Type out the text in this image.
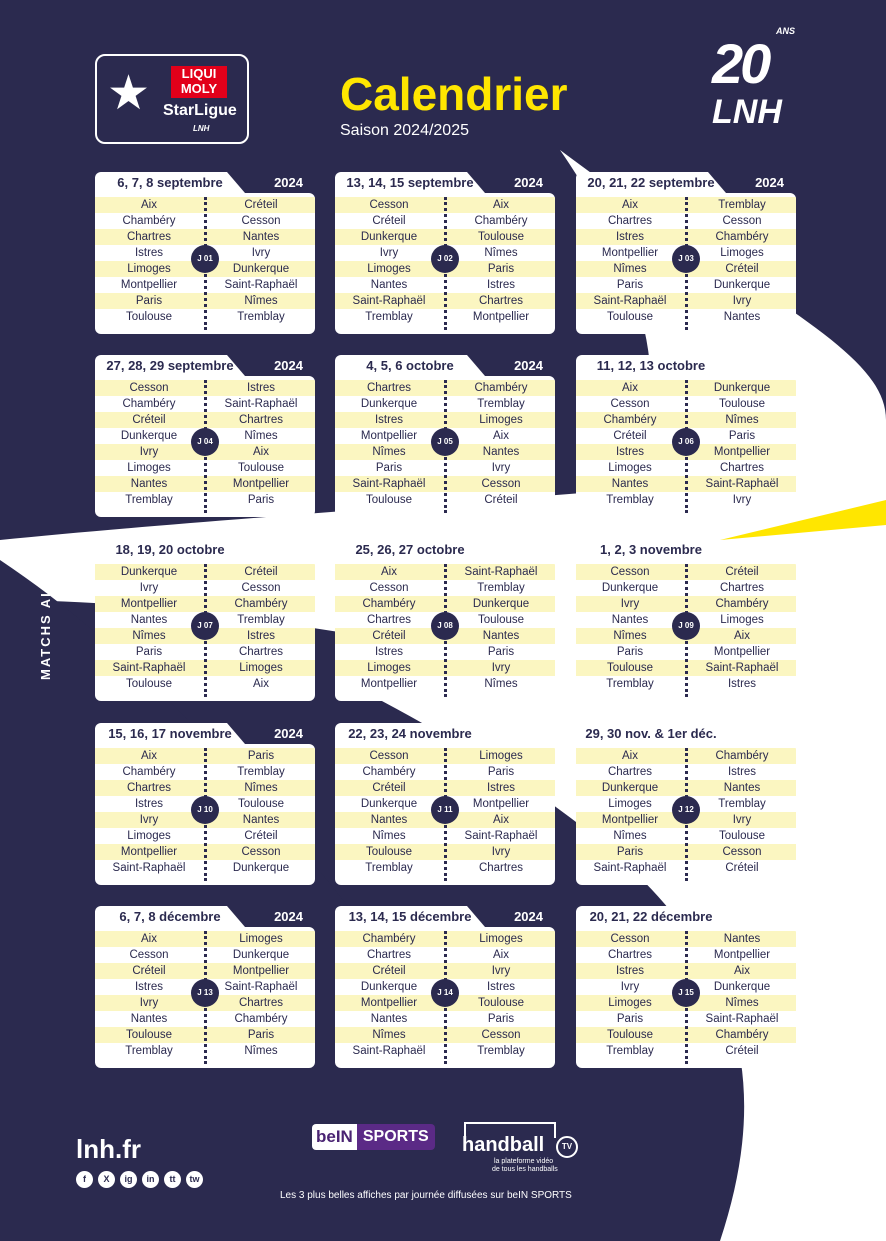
LIQUI
MOLY
★ StarLigue
LNH
Calendrier
Saison 2024/2025
20
ANS
LNH
MATCHS ALLER
6, 7, 8 septembre	2024
Aix	Créteil
Chambéry	Cesson
Chartres	Nantes
Istres	Ivry
Limoges	Dunkerque
Montpellier	Saint-Raphaël
Paris	Nîmes
Toulouse	Tremblay
J 01
13, 14, 15 septembre	2024
Cesson	Aix
Créteil	Chambéry
Dunkerque	Toulouse
Ivry	Nîmes
Limoges	Paris
Nantes	Istres
Saint-Raphaël	Chartres
Tremblay	Montpellier
J 02
20, 21, 22 septembre	2024
Aix	Tremblay
Chartres	Cesson
Istres	Chambéry
Montpellier	Limoges
Nîmes	Créteil
Paris	Dunkerque
Saint-Raphaël	Ivry
Toulouse	Nantes
J 03
27, 28, 29 septembre	2024
Cesson	Istres
Chambéry	Saint-Raphaël
Créteil	Chartres
Dunkerque	Nîmes
Ivry	Aix
Limoges	Toulouse
Nantes	Montpellier
Tremblay	Paris
J 04
4, 5, 6 octobre	2024
Chartres	Chambéry
Dunkerque	Tremblay
Istres	Limoges
Montpellier	Aix
Nîmes	Nantes
Paris	Ivry
Saint-Raphaël	Cesson
Toulouse	Créteil
J 05
11, 12, 13 octobre	2024
Aix	Dunkerque
Cesson	Toulouse
Chambéry	Nîmes
Créteil	Paris
Istres	Montpellier
Limoges	Chartres
Nantes	Saint-Raphaël
Tremblay	Ivry
J 06
18, 19, 20 octobre	2024
Dunkerque	Créteil
Ivry	Cesson
Montpellier	Chambéry
Nantes	Tremblay
Nîmes	Istres
Paris	Chartres
Saint-Raphaël	Limoges
Toulouse	Aix
J 07
25, 26, 27 octobre	2024
Aix	Saint-Raphaël
Cesson	Tremblay
Chambéry	Dunkerque
Chartres	Toulouse
Créteil	Nantes
Istres	Paris
Limoges	Ivry
Montpellier	Nîmes
J 08
1, 2, 3 novembre	2024
Cesson	Créteil
Dunkerque	Chartres
Ivry	Chambéry
Nantes	Limoges
Nîmes	Aix
Paris	Montpellier
Toulouse	Saint-Raphaël
Tremblay	Istres
J 09
15, 16, 17 novembre	2024
Aix	Paris
Chambéry	Tremblay
Chartres	Nîmes
Istres	Toulouse
Ivry	Nantes
Limoges	Créteil
Montpellier	Cesson
Saint-Raphaël	Dunkerque
J 10
22, 23, 24 novembre	2024
Cesson	Limoges
Chambéry	Paris
Créteil	Istres
Dunkerque	Montpellier
Nantes	Aix
Nîmes	Saint-Raphaël
Toulouse	Ivry
Tremblay	Chartres
J 11
29, 30 nov. & 1er déc.	2024
Aix	Chambéry
Chartres	Istres
Dunkerque	Nantes
Limoges	Tremblay
Montpellier	Ivry
Nîmes	Toulouse
Paris	Cesson
Saint-Raphaël	Créteil
J 12
6, 7, 8 décembre	2024
Aix	Limoges
Cesson	Dunkerque
Créteil	Montpellier
Istres	Saint-Raphaël
Ivry	Chartres
Nantes	Chambéry
Toulouse	Paris
Tremblay	Nîmes
J 13
13, 14, 15 décembre	2024
Chambéry	Limoges
Chartres	Aix
Créteil	Ivry
Dunkerque	Istres
Montpellier	Toulouse
Nantes	Paris
Nîmes	Cesson
Saint-Raphaël	Tremblay
J 14
20, 21, 22 décembre	2024
Cesson	Nantes
Chartres	Montpellier
Istres	Aix
Ivry	Dunkerque
Limoges	Nîmes
Paris	Saint-Raphaël
Toulouse	Chambéry
Tremblay	Créteil
J 15
lnh.fr
f	X	ig	in	tt	tw
beIN SPORTS	handball	TV
la plateforme vidéo
de tous les handballs
Les 3 plus belles affiches par journée diffusées sur beIN SPORTS
